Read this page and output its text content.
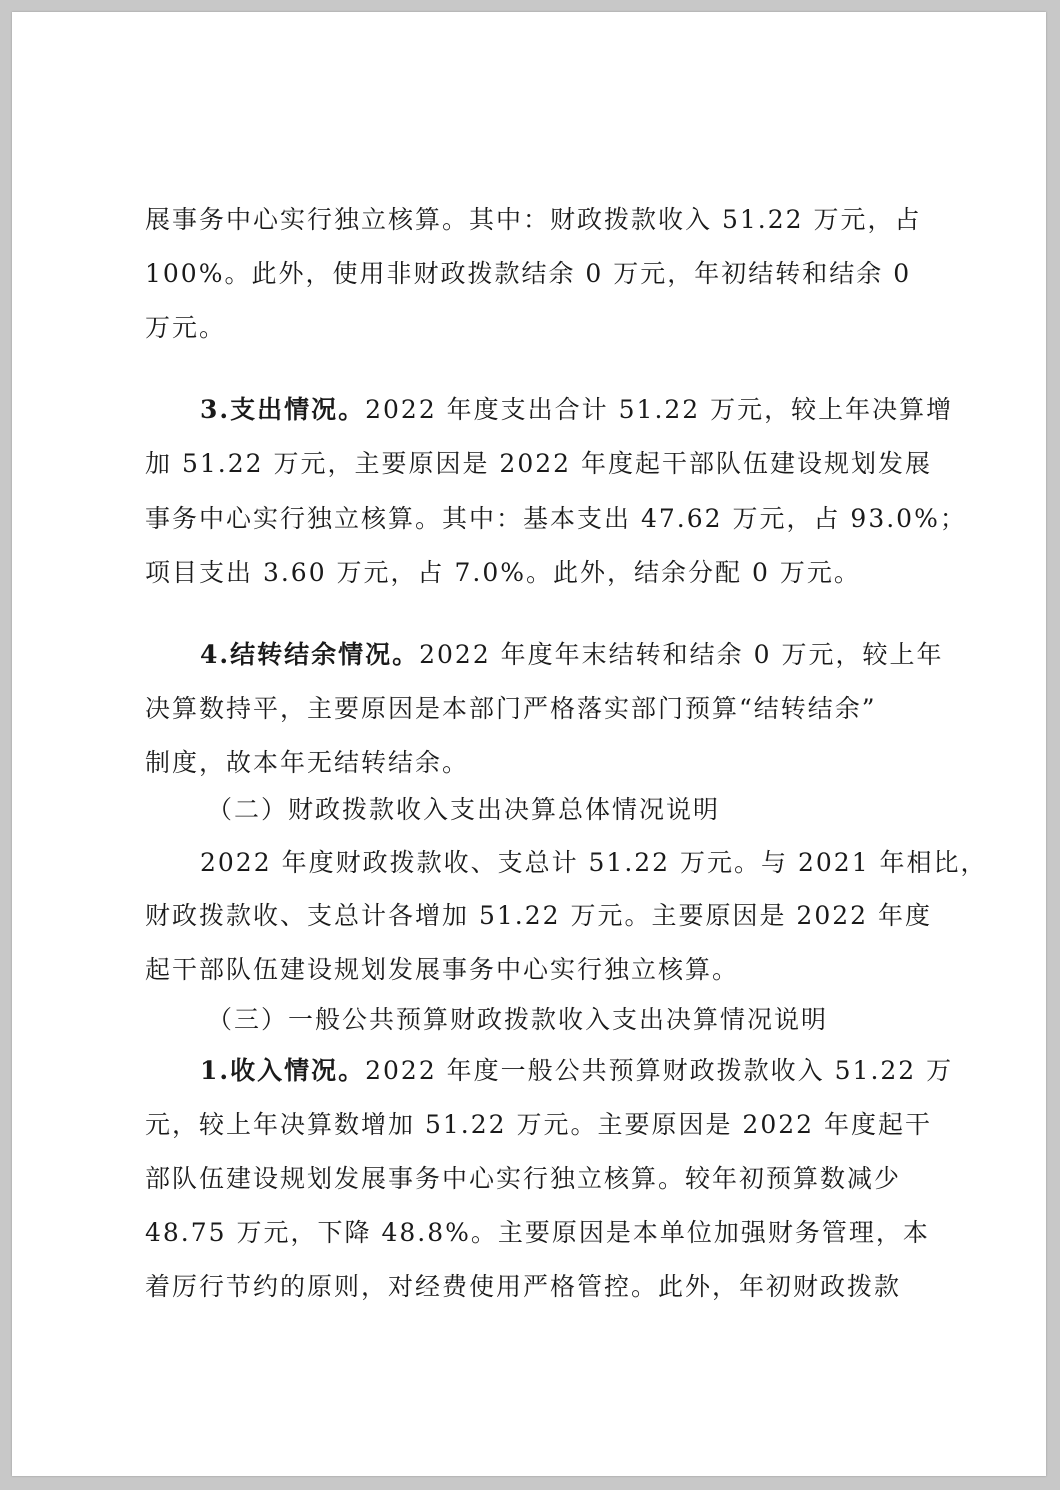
展事务中心实行独立核算。其中：财政拨款收入 51.22 万元，占
100%。此外，使用非财政拨款结余 0 万元，年初结转和结余 0
万元。
3.支出情况。2022 年度支出合计 51.22 万元，较上年决算增
加 51.22 万元，主要原因是 2022 年度起干部队伍建设规划发展
事务中心实行独立核算。其中：基本支出 47.62 万元，占 93.0%；
项目支出 3.60 万元，占 7.0%。此外，结余分配 0 万元。
4.结转结余情况。2022 年度年末结转和结余 0 万元，较上年
决算数持平，主要原因是本部门严格落实部门预算“结转结余”
制度，故本年无结转结余。
（二）财政拨款收入支出决算总体情况说明
2022 年度财政拨款收、支总计 51.22 万元。与 2021 年相比，
财政拨款收、支总计各增加 51.22 万元。主要原因是 2022 年度
起干部队伍建设规划发展事务中心实行独立核算。
（三）一般公共预算财政拨款收入支出决算情况说明
1.收入情况。2022 年度一般公共预算财政拨款收入 51.22 万
元，较上年决算数增加 51.22 万元。主要原因是 2022 年度起干
部队伍建设规划发展事务中心实行独立核算。较年初预算数减少
48.75 万元，下降 48.8%。主要原因是本单位加强财务管理，本
着厉行节约的原则，对经费使用严格管控。此外，年初财政拨款
